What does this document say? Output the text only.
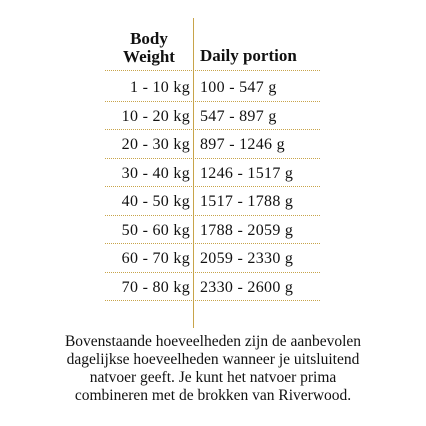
Body
Weight	Daily portion
1 - 10 kg 100 - 547 g
10 - 20 kg 547 - 897 g
20 - 30 kg 897 - 1246 g
30 - 40 kg 1246 - 1517 g
40 - 50 kg 1517 - 1788 g
50 - 60 kg 1788 - 2059 g
60 - 70 kg 2059 - 2330 g
70 - 80 kg 2330 - 2600 g
Bovenstaande hoeveelheden zijn de aanbevolen
dagelijkse hoeveelheden wanneer je uitsluitend
natvoer geeft. Je kunt het natvoer prima
combineren met de brokken van Riverwood.
